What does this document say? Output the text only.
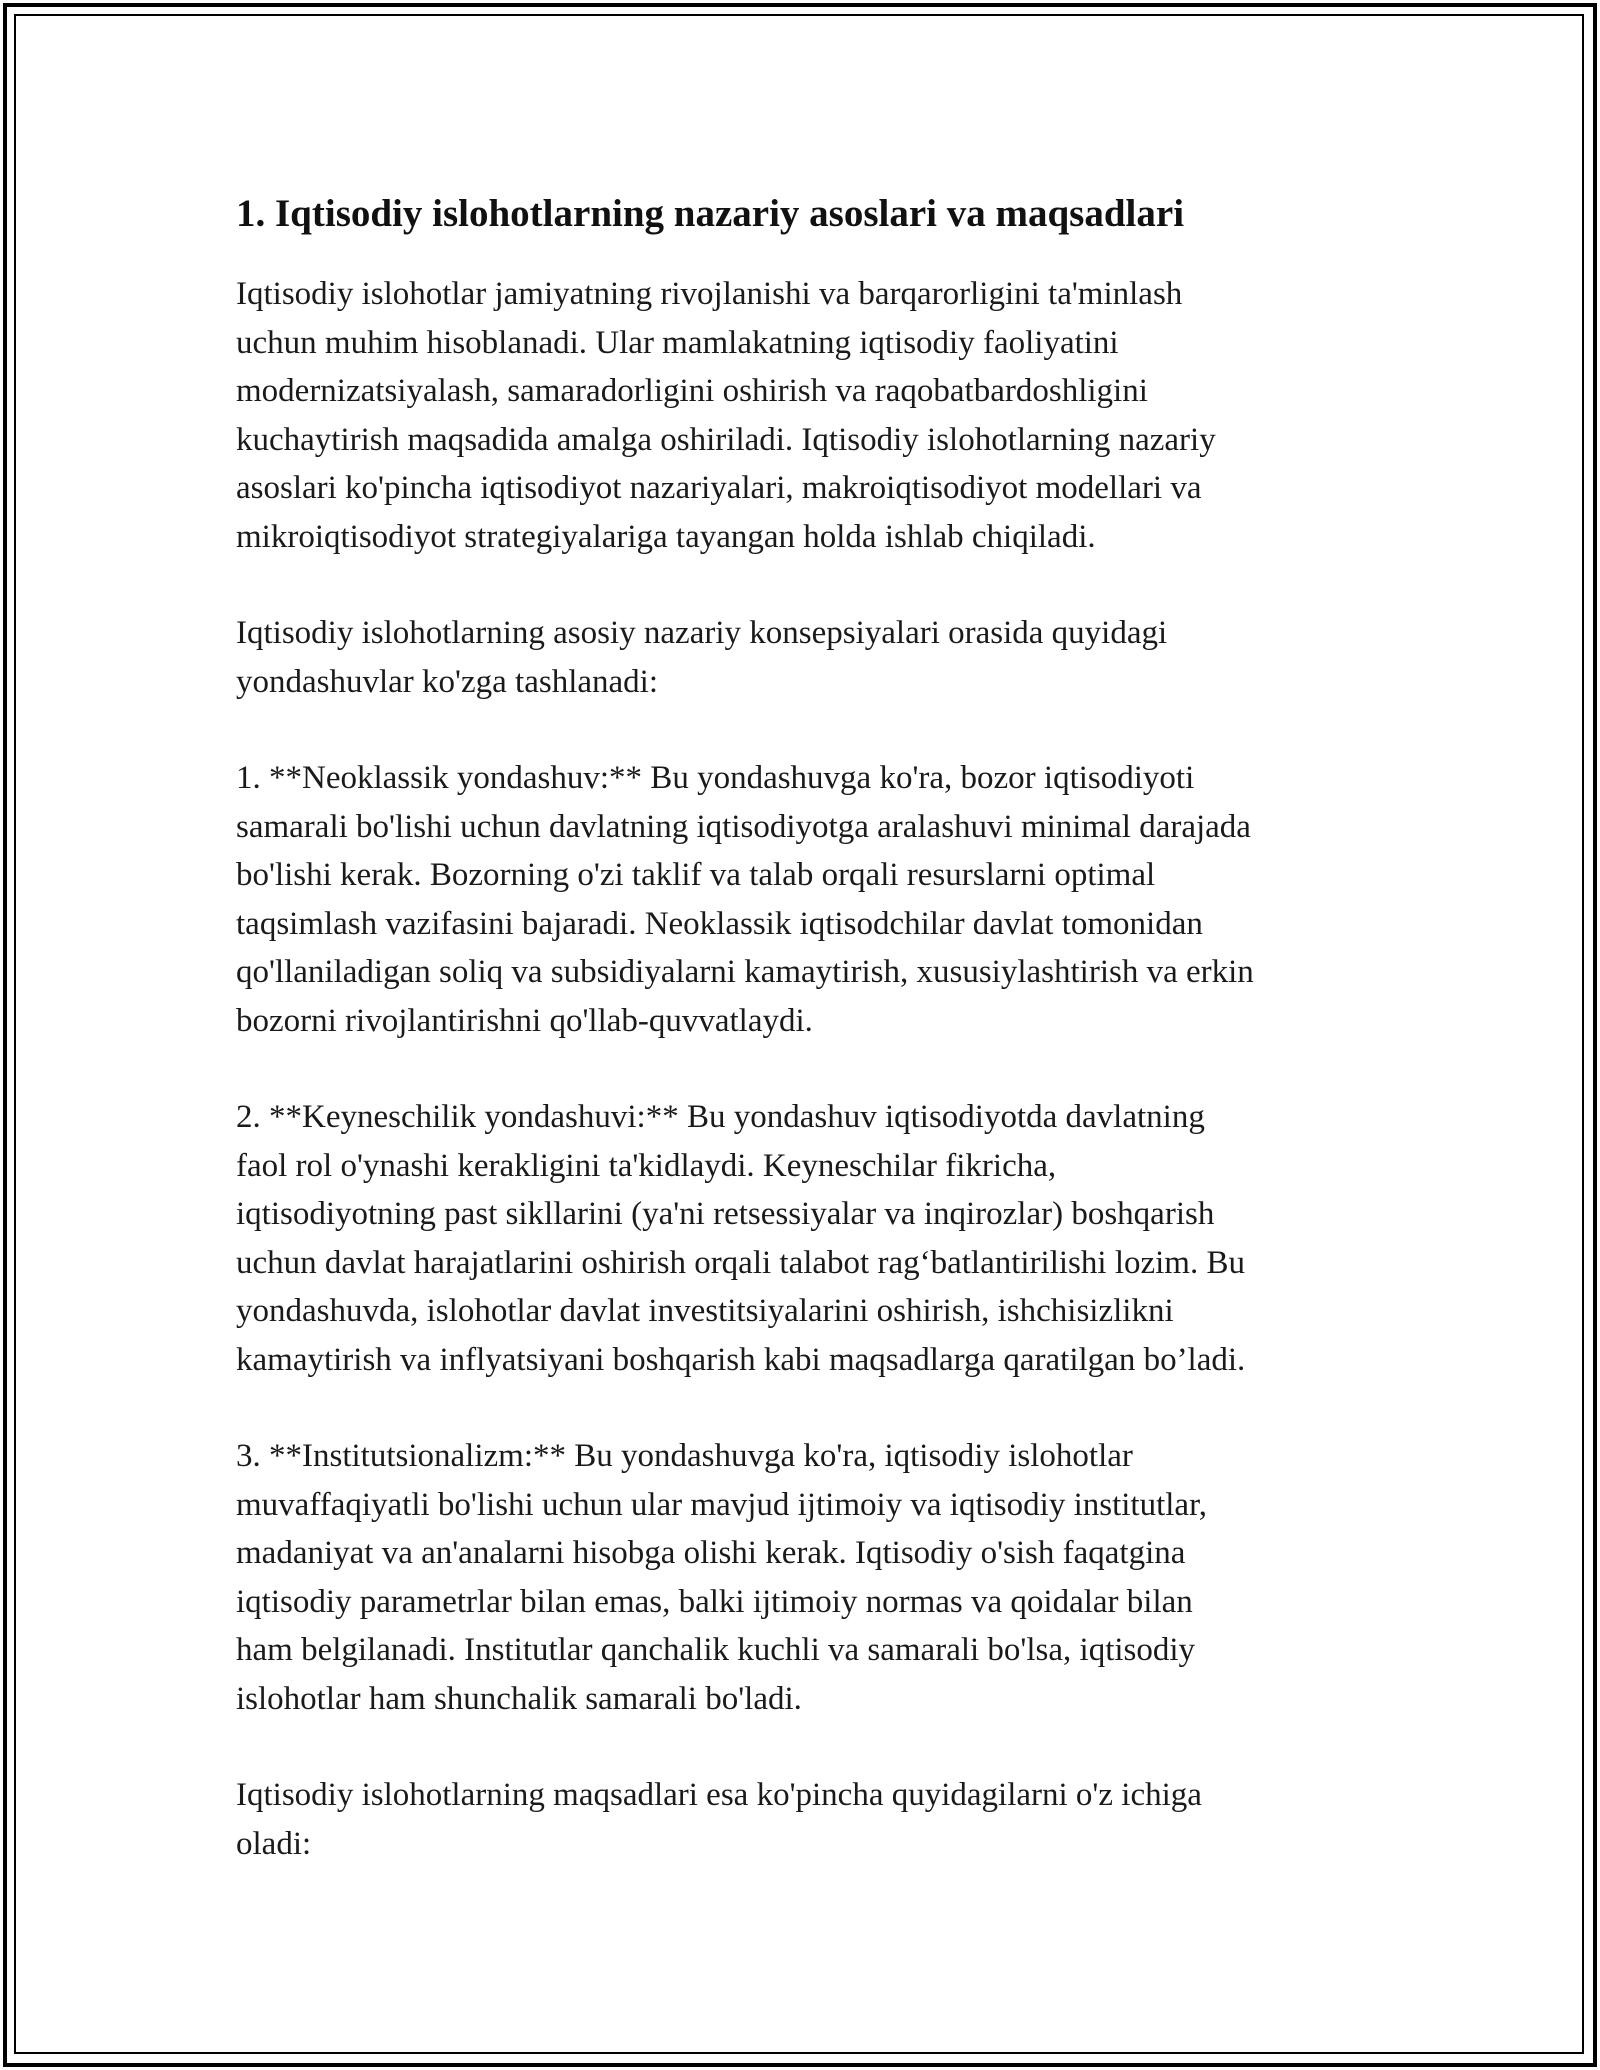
1. Iqtisodiy islohotlarning nazariy asoslari va maqsadlari

Iqtisodiy islohotlar jamiyatning rivojlanishi va barqarorligini ta'minlash
uchun muhim hisoblanadi. Ular mamlakatning iqtisodiy faoliyatini
modernizatsiyalash, samaradorligini oshirish va raqobatbardoshligini
kuchaytirish maqsadida amalga oshiriladi. Iqtisodiy islohotlarning nazariy
asoslari ko'pincha iqtisodiyot nazariyalari, makroiqtisodiyot modellari va
mikroiqtisodiyot strategiyalariga tayangan holda ishlab chiqiladi.

Iqtisodiy islohotlarning asosiy nazariy konsepsiyalari orasida quyidagi
yondashuvlar ko'zga tashlanadi:

1. **Neoklassik yondashuv:** Bu yondashuvga ko'ra, bozor iqtisodiyoti
samarali bo'lishi uchun davlatning iqtisodiyotga aralashuvi minimal darajada
bo'lishi kerak. Bozorning o'zi taklif va talab orqali resurslarni optimal
taqsimlash vazifasini bajaradi. Neoklassik iqtisodchilar davlat tomonidan
qo'llaniladigan soliq va subsidiyalarni kamaytirish, xususiylashtirish va erkin
bozorni rivojlantirishni qo'llab-quvvatlaydi.

2. **Keyneschilik yondashuvi:** Bu yondashuv iqtisodiyotda davlatning
faol rol o'ynashi kerakligini ta'kidlaydi. Keyneschilar fikricha,
iqtisodiyotning past sikllarini (ya'ni retsessiyalar va inqirozlar) boshqarish
uchun davlat harajatlarini oshirish orqali talabot rag‘batlantirilishi lozim. Bu
yondashuvda, islohotlar davlat investitsiyalarini oshirish, ishchisizlikni
kamaytirish va inflyatsiyani boshqarish kabi maqsadlarga qaratilgan bo’ladi.

3. **Institutsionalizm:** Bu yondashuvga ko'ra, iqtisodiy islohotlar
muvaffaqiyatli bo'lishi uchun ular mavjud ijtimoiy va iqtisodiy institutlar,
madaniyat va an'analarni hisobga olishi kerak. Iqtisodiy o'sish faqatgina
iqtisodiy parametrlar bilan emas, balki ijtimoiy normas va qoidalar bilan
ham belgilanadi. Institutlar qanchalik kuchli va samarali bo'lsa, iqtisodiy
islohotlar ham shunchalik samarali bo'ladi.

Iqtisodiy islohotlarning maqsadlari esa ko'pincha quyidagilarni o'z ichiga
oladi:
